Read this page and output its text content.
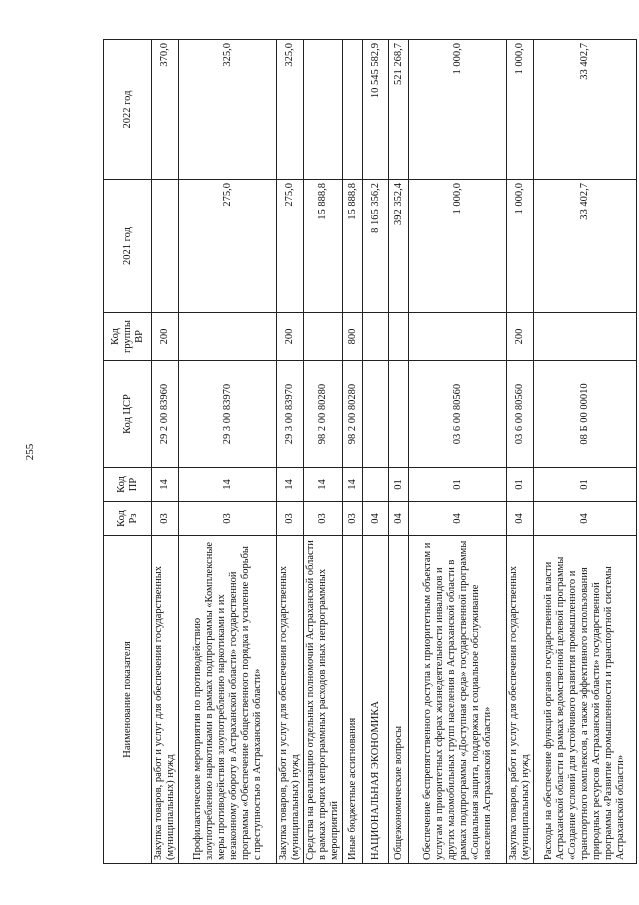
255
Наименование показателя	Код Рз	Код ПР	Код ЦСР	Код группы ВР	2021 год	2022 год
Закупка товаров, работ и услуг для обеспечения государственных (муниципальных) нужд	03	14	29 2 00 83960	200		370,0
Профилактические мероприятия по противодействию злоупотреблению наркотиками в рамках подпрограммы «Комплексные меры противодействия злоупотреблению наркотиками и их незаконному обороту в Астраханской области» государственной программы «Обеспечение общественного порядка и усиление борьбы с преступностью в Астраханской области»	03	14	29 3 00 83970		275,0	325,0
Закупка товаров, работ и услуг для обеспечения государственных (муниципальных) нужд	03	14	29 3 00 83970	200	275,0	325,0
Средства на реализацию отдельных полномочий Астраханской области в рамках прочих непрограммных расходов иных непрограммных мероприятий	03	14	98 2 00 80280		15 888,8	
Иные бюджетные ассигнования	03	14	98 2 00 80280	800	15 888,8	
НАЦИОНАЛЬНАЯ ЭКОНОМИКА	04				8 165 356,2	10 545 582,9
Общеэкономические вопросы	04	01			392 352,4	521 268,7
Обеспечение беспрепятственного доступа к приоритетным объектам и услугам в приоритетных сферах жизнедеятельности инвалидов и других маломобильных групп населения в Астраханской области в рамках подпрограммы «Доступная среда» государственной программы «Социальная защита, поддержка и социальное обслуживание населения Астраханской области»	04	01	03 6 00 80560		1 000,0	1 000,0
Закупка товаров, работ и услуг для обеспечения государственных (муниципальных) нужд	04	01	03 6 00 80560	200	1 000,0	1 000,0
Расходы на обеспечение функций органов государственной власти Астраханской области в рамках ведомственной целевой программы «Создание условий для устойчивого развития промышленного и транспортного комплексов, а также эффективного использования природных ресурсов Астраханской области» государственной программы «Развитие промышленности и транспортной системы Астраханской области»	04	01	08 Б 00 00010		33 402,7	33 402,7
